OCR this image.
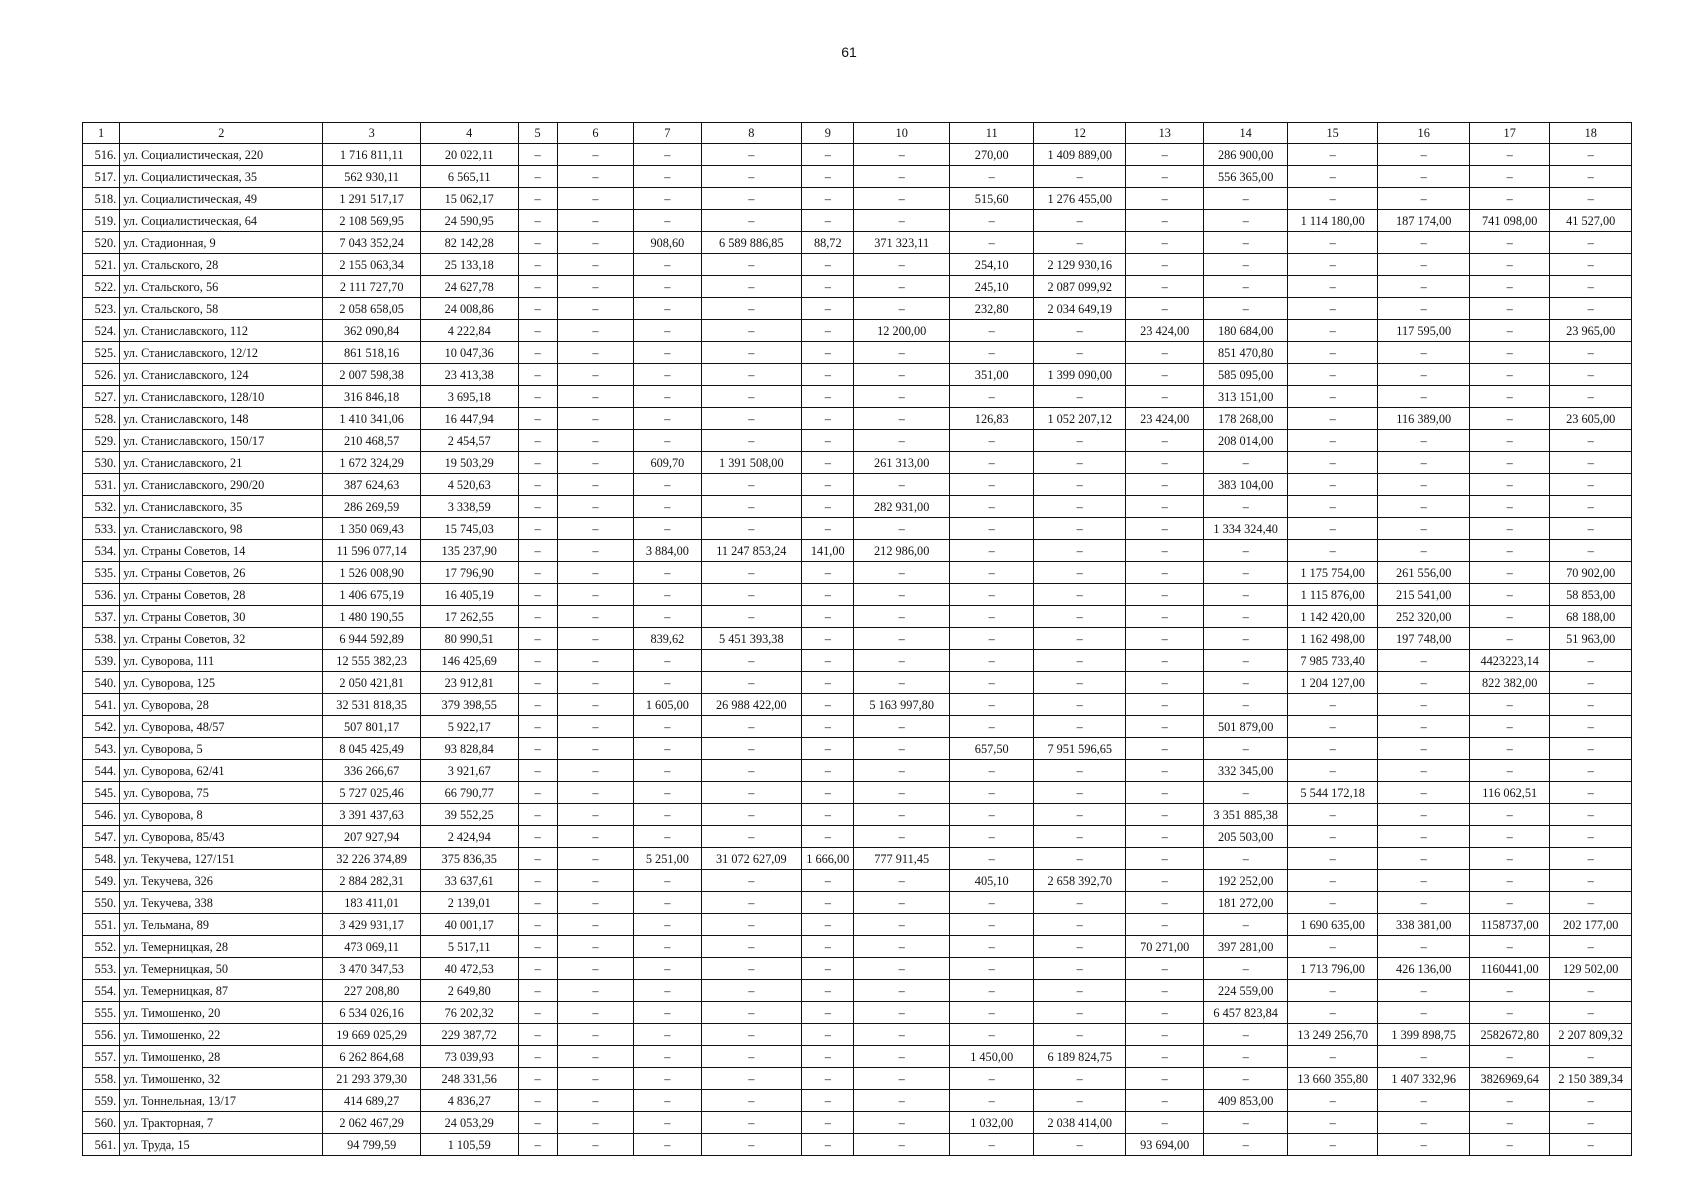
61
1	2	3	4	5	6	7	8	9	10	11	12	13	14	15	16	17	18
516.	ул. Социалистическая, 220	1 716 811,11	20 022,11	–	–	–	–	–	–	270,00	1 409 889,00	–	286 900,00	–	–	–	–
517.	ул. Социалистическая, 35	562 930,11	6 565,11	–	–	–	–	–	–	–	–	–	556 365,00	–	–	–	–
518.	ул. Социалистическая, 49	1 291 517,17	15 062,17	–	–	–	–	–	–	515,60	1 276 455,00	–	–	–	–	–	–
519.	ул. Социалистическая, 64	2 108 569,95	24 590,95	–	–	–	–	–	–	–	–	–	–	1 114 180,00	187 174,00	741 098,00	41 527,00
520.	ул. Стадионная, 9	7 043 352,24	82 142,28	–	–	908,60	6 589 886,85	88,72	371 323,11	–	–	–	–	–	–	–	–
521.	ул. Стальского, 28	2 155 063,34	25 133,18	–	–	–	–	–	–	254,10	2 129 930,16	–	–	–	–	–	–
522.	ул. Стальского, 56	2 111 727,70	24 627,78	–	–	–	–	–	–	245,10	2 087 099,92	–	–	–	–	–	–
523.	ул. Стальского, 58	2 058 658,05	24 008,86	–	–	–	–	–	–	232,80	2 034 649,19	–	–	–	–	–	–
524.	ул. Станиславского, 112	362 090,84	4 222,84	–	–	–	–	–	12 200,00	–	–	23 424,00	180 684,00	–	117 595,00	–	23 965,00
525.	ул. Станиславского, 12/12	861 518,16	10 047,36	–	–	–	–	–	–	–	–	–	851 470,80	–	–	–	–
526.	ул. Станиславского, 124	2 007 598,38	23 413,38	–	–	–	–	–	–	351,00	1 399 090,00	–	585 095,00	–	–	–	–
527.	ул. Станиславского, 128/10	316 846,18	3 695,18	–	–	–	–	–	–	–	–	–	313 151,00	–	–	–	–
528.	ул. Станиславского, 148	1 410 341,06	16 447,94	–	–	–	–	–	–	126,83	1 052 207,12	23 424,00	178 268,00	–	116 389,00	–	23 605,00
529.	ул. Станиславского, 150/17	210 468,57	2 454,57	–	–	–	–	–	–	–	–	–	208 014,00	–	–	–	–
530.	ул. Станиславского, 21	1 672 324,29	19 503,29	–	–	609,70	1 391 508,00	–	261 313,00	–	–	–	–	–	–	–	–
531.	ул. Станиславского, 290/20	387 624,63	4 520,63	–	–	–	–	–	–	–	–	–	383 104,00	–	–	–	–
532.	ул. Станиславского, 35	286 269,59	3 338,59	–	–	–	–	–	282 931,00	–	–	–	–	–	–	–	–
533.	ул. Станиславского, 98	1 350 069,43	15 745,03	–	–	–	–	–	–	–	–	–	1 334 324,40	–	–	–	–
534.	ул. Страны Советов, 14	11 596 077,14	135 237,90	–	–	3 884,00	11 247 853,24	141,00	212 986,00	–	–	–	–	–	–	–	–
535.	ул. Страны Советов, 26	1 526 008,90	17 796,90	–	–	–	–	–	–	–	–	–	–	1 175 754,00	261 556,00	–	70 902,00
536.	ул. Страны Советов, 28	1 406 675,19	16 405,19	–	–	–	–	–	–	–	–	–	–	1 115 876,00	215 541,00	–	58 853,00
537.	ул. Страны Советов, 30	1 480 190,55	17 262,55	–	–	–	–	–	–	–	–	–	–	1 142 420,00	252 320,00	–	68 188,00
538.	ул. Страны Советов, 32	6 944 592,89	80 990,51	–	–	839,62	5 451 393,38	–	–	–	–	–	–	1 162 498,00	197 748,00	–	51 963,00
539.	ул. Суворова, 111	12 555 382,23	146 425,69	–	–	–	–	–	–	–	–	–	–	7 985 733,40	–	4423223,14	–
540.	ул. Суворова, 125	2 050 421,81	23 912,81	–	–	–	–	–	–	–	–	–	–	1 204 127,00	–	822 382,00	–
541.	ул. Суворова, 28	32 531 818,35	379 398,55	–	–	1 605,00	26 988 422,00	–	5 163 997,80	–	–	–	–	–	–	–	–
542.	ул. Суворова, 48/57	507 801,17	5 922,17	–	–	–	–	–	–	–	–	–	501 879,00	–	–	–	–
543.	ул. Суворова, 5	8 045 425,49	93 828,84	–	–	–	–	–	–	657,50	7 951 596,65	–	–	–	–	–	–
544.	ул. Суворова, 62/41	336 266,67	3 921,67	–	–	–	–	–	–	–	–	–	332 345,00	–	–	–	–
545.	ул. Суворова, 75	5 727 025,46	66 790,77	–	–	–	–	–	–	–	–	–	–	5 544 172,18	–	116 062,51	–
546.	ул. Суворова, 8	3 391 437,63	39 552,25	–	–	–	–	–	–	–	–	–	3 351 885,38	–	–	–	–
547.	ул. Суворова, 85/43	207 927,94	2 424,94	–	–	–	–	–	–	–	–	–	205 503,00	–	–	–	–
548.	ул. Текучева, 127/151	32 226 374,89	375 836,35	–	–	5 251,00	31 072 627,09	1 666,00	777 911,45	–	–	–	–	–	–	–	–
549.	ул. Текучева, 326	2 884 282,31	33 637,61	–	–	–	–	–	–	405,10	2 658 392,70	–	192 252,00	–	–	–	–
550.	ул. Текучева, 338	183 411,01	2 139,01	–	–	–	–	–	–	–	–	–	181 272,00	–	–	–	–
551.	ул. Тельмана, 89	3 429 931,17	40 001,17	–	–	–	–	–	–	–	–	–	–	1 690 635,00	338 381,00	1158737,00	202 177,00
552.	ул. Темерницкая, 28	473 069,11	5 517,11	–	–	–	–	–	–	–	–	70 271,00	397 281,00	–	–	–	–
553.	ул. Темерницкая, 50	3 470 347,53	40 472,53	–	–	–	–	–	–	–	–	–	–	1 713 796,00	426 136,00	1160441,00	129 502,00
554.	ул. Темерницкая, 87	227 208,80	2 649,80	–	–	–	–	–	–	–	–	–	224 559,00	–	–	–	–
555.	ул. Тимошенко, 20	6 534 026,16	76 202,32	–	–	–	–	–	–	–	–	–	6 457 823,84	–	–	–	–
556.	ул. Тимошенко, 22	19 669 025,29	229 387,72	–	–	–	–	–	–	–	–	–	–	13 249 256,70	1 399 898,75	2582672,80	2 207 809,32
557.	ул. Тимошенко, 28	6 262 864,68	73 039,93	–	–	–	–	–	–	1 450,00	6 189 824,75	–	–	–	–	–	–
558.	ул. Тимошенко, 32	21 293 379,30	248 331,56	–	–	–	–	–	–	–	–	–	–	13 660 355,80	1 407 332,96	3826969,64	2 150 389,34
559.	ул. Тоннельная, 13/17	414 689,27	4 836,27	–	–	–	–	–	–	–	–	–	409 853,00	–	–	–	–
560.	ул. Тракторная, 7	2 062 467,29	24 053,29	–	–	–	–	–	–	1 032,00	2 038 414,00	–	–	–	–	–	–
561.	ул. Труда, 15	94 799,59	1 105,59	–	–	–	–	–	–	–	–	93 694,00	–	–	–	–	–
